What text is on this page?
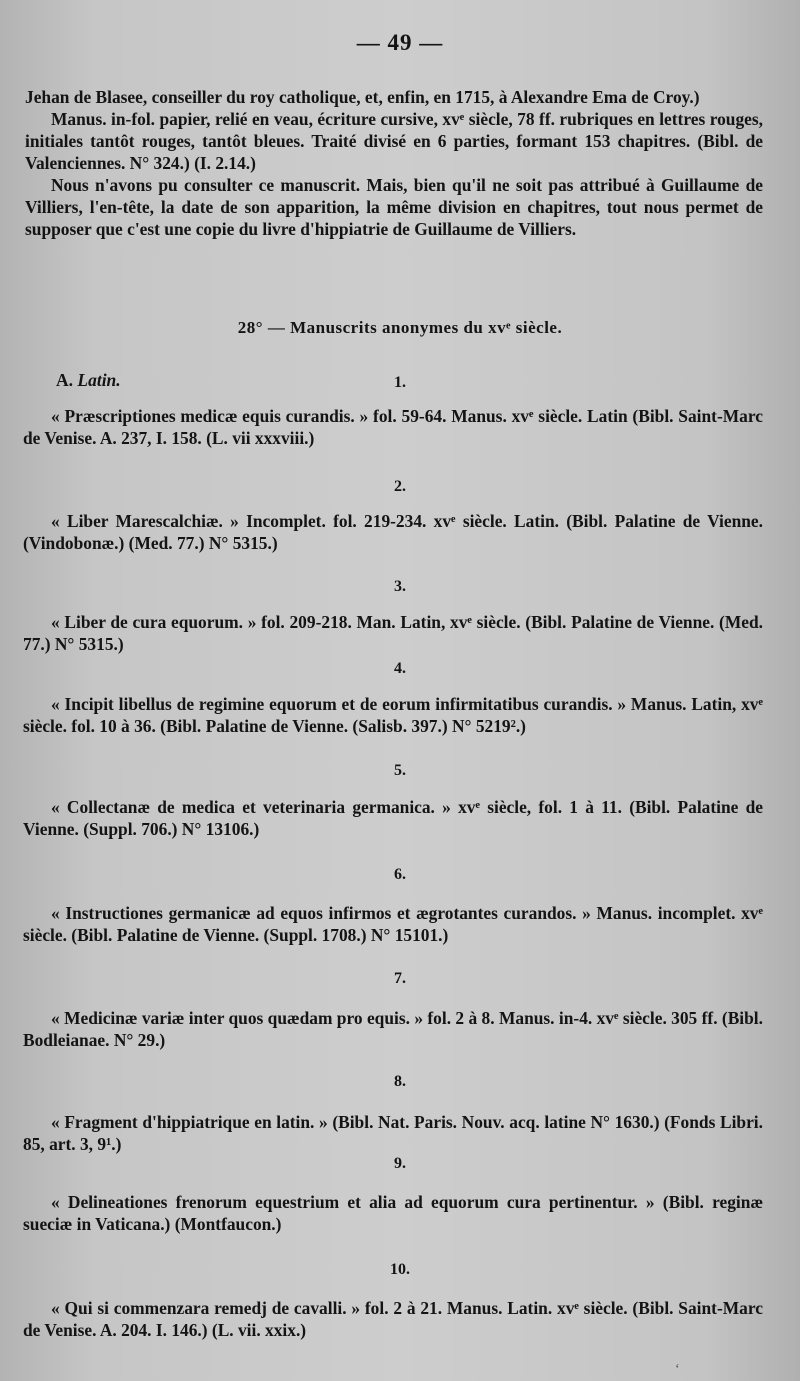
— 49 —

Jehan de Blasee, conseiller du roy catholique, et, enfin, en 1715, à Alexandre Ema de Croy.)

Manus. in-fol. papier, relié en veau, écriture cursive, xvᵉ siècle, 78 ff. rubriques en lettres rouges, initiales tantôt rouges, tantôt bleues. Traité divisé en 6 parties, formant 153 chapitres. (Bibl. de Valenciennes. N° 324.) (I. 2.14.)

Nous n'avons pu consulter ce manuscrit. Mais, bien qu'il ne soit pas attribué à Guillaume de Villiers, l'en-tête, la date de son apparition, la même division en chapitres, tout nous permet de supposer que c'est une copie du livre d'hippiatrie de Guillaume de Villiers.

28° — Manuscrits anonymes du xvᵉ siècle.
A. Latin.	1.
« Præscriptiones medicæ equis curandis. » fol. 59-64. Manus. xvᵉ siècle. Latin (Bibl. Saint-Marc de Venise. A. 237, I. 158. (L. vii xxxviii.)
2.
« Liber Marescalchiæ. » Incomplet. fol. 219-234. xvᵉ siècle. Latin. (Bibl. Palatine de Vienne. (Vindobonæ.) (Med. 77.) N° 5315.)
3.
« Liber de cura equorum. » fol. 209-218. Man. Latin, xvᵉ siècle. (Bibl. Palatine de Vienne. (Med. 77.) N° 5315.)
4.
« Incipit libellus de regimine equorum et de eorum infirmitatibus curandis. » Manus. Latin, xvᵉ siècle. fol. 10 à 36. (Bibl. Palatine de Vienne. (Salisb. 397.) N° 5219².)
5.
« Collectanæ de medica et veterinaria germanica. » xvᵉ siècle, fol. 1 à 11. (Bibl. Palatine de Vienne. (Suppl. 706.) N° 13106.)
6.
« Instructiones germanicæ ad equos infirmos et ægrotantes curandos. » Manus. incomplet. xvᵉ siècle. (Bibl. Palatine de Vienne. (Suppl. 1708.) N° 15101.)
7.
« Medicinæ variæ inter quos quædam pro equis. » fol. 2 à 8. Manus. in-4. xvᵉ siècle. 305 ff. (Bibl. Bodleianae. N° 29.)
8.
« Fragment d'hippiatrique en latin. » (Bibl. Nat. Paris. Nouv. acq. latine N° 1630.) (Fonds Libri. 85, art. 3, 9¹.)
9.
« Delineationes frenorum equestrium et alia ad equorum cura pertinentur. » (Bibl. reginæ sueciæ in Vaticana.) (Montfaucon.)
10.
« Qui si commenzara remedj de cavalli. » fol. 2 à 21. Manus. Latin. xvᵉ siècle. (Bibl. Saint-Marc de Venise. A. 204. I. 146.) (L. vii. xxix.)
ʻ
